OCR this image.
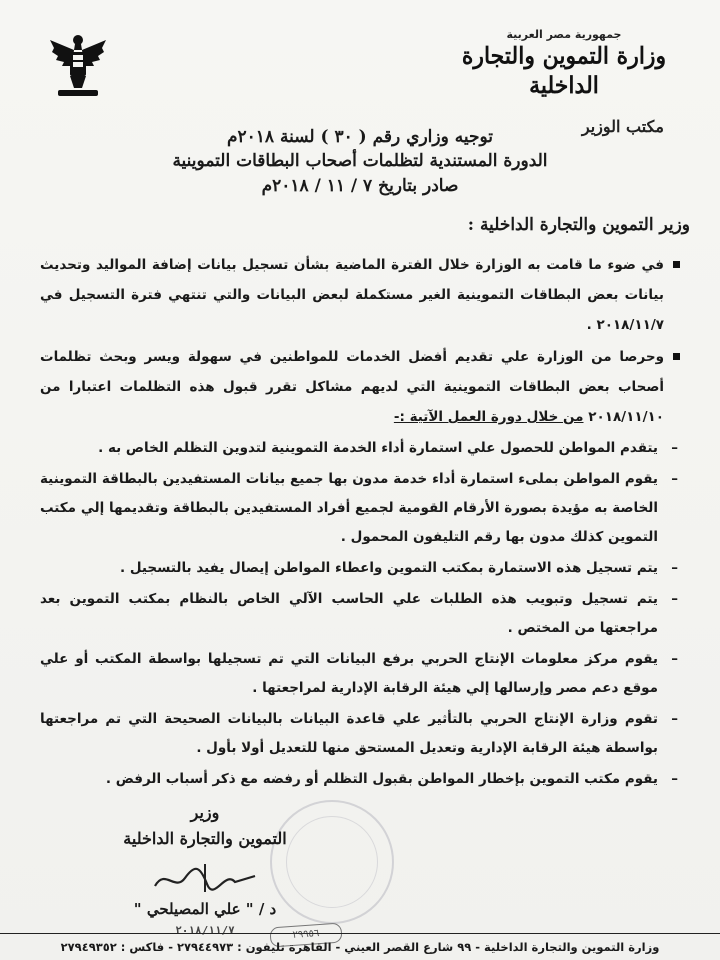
جمهورية مصر العربية
وزارة التموين والتجارة الداخلية
مكتب الوزير
توجيه وزاري رقم ( ٣٠ ) لسنة ٢٠١٨م
الدورة المستندية لتظلمات أصحاب البطاقات التموينية
صادر بتاريخ ٧ / ١١ / ٢٠١٨م
وزير التموين والتجارة الداخلية :

في ضوء ما قامت به الوزارة خلال الفترة الماضية بشأن تسجيل بيانات إضافة المواليد وتحديث بيانات بعض البطاقات التموينية الغير مستكملة لبعض البيانات والتي تنتهي فترة التسجيل في ٢٠١٨/١١/٧ .

وحرصا من الوزارة علي تقديم أفضل الخدمات للمواطنين في سهولة ويسر وبحث تظلمات أصحاب بعض البطاقات التموينية التي لديهم مشاكل تقرر قبول هذه التظلمات اعتبارا من ٢٠١٨/١١/١٠ من خلال دورة العمل الآتية :-

–
يتقدم المواطن للحصول علي استمارة أداء الخدمة التموينية لتدوين التظلم الخاص به .
–
يقوم المواطن بملىء استمارة أداء خدمة مدون بها جميع بيانات المستفيدين بالبطاقة التموينية الخاصة به مؤيدة بصورة الأرقام القومية لجميع أفراد المستفيدين بالبطاقة وتقديمها إلي مكتب التموين كذلك مدون بها رقم التليفون المحمول .
–
يتم تسجيل هذه الاستمارة بمكتب التموين واعطاء المواطن إيصال يفيد بالتسجيل .
–
يتم تسجيل وتبويب هذه الطلبات علي الحاسب الآلي الخاص بالنظام بمكتب التموين بعد مراجعتها من المختص .
–
يقوم مركز معلومات الإنتاج الحربي برفع البيانات التي تم تسجيلها بواسطة المكتب أو علي موقع دعم مصر وإرسالها إلي هيئة الرقابة الإدارية لمراجعتها .
–
تقوم وزارة الإنتاج الحربي بالتأثير علي قاعدة البيانات بالبيانات الصحيحة التي تم مراجعتها بواسطة هيئة الرقابة الإدارية وتعديل المستحق منها للتعديل أولا بأول .
–
يقوم مكتب التموين بإخطار المواطن بقبول التظلم أو رفضه مع ذكر أسباب الرفض .
وزير
التموين والتجارة الداخلية
د / " علي المصيلحي "
٢٠١٨/١١/٧	٢٩٩٥٦
وزارة التموين والتجارة الداخلية - ٩٩ شارع القصر العيني - القاهرة تليفون : ٢٧٩٤٤٩٧٣ - فاكس : ٢٧٩٤٩٣٥٢
